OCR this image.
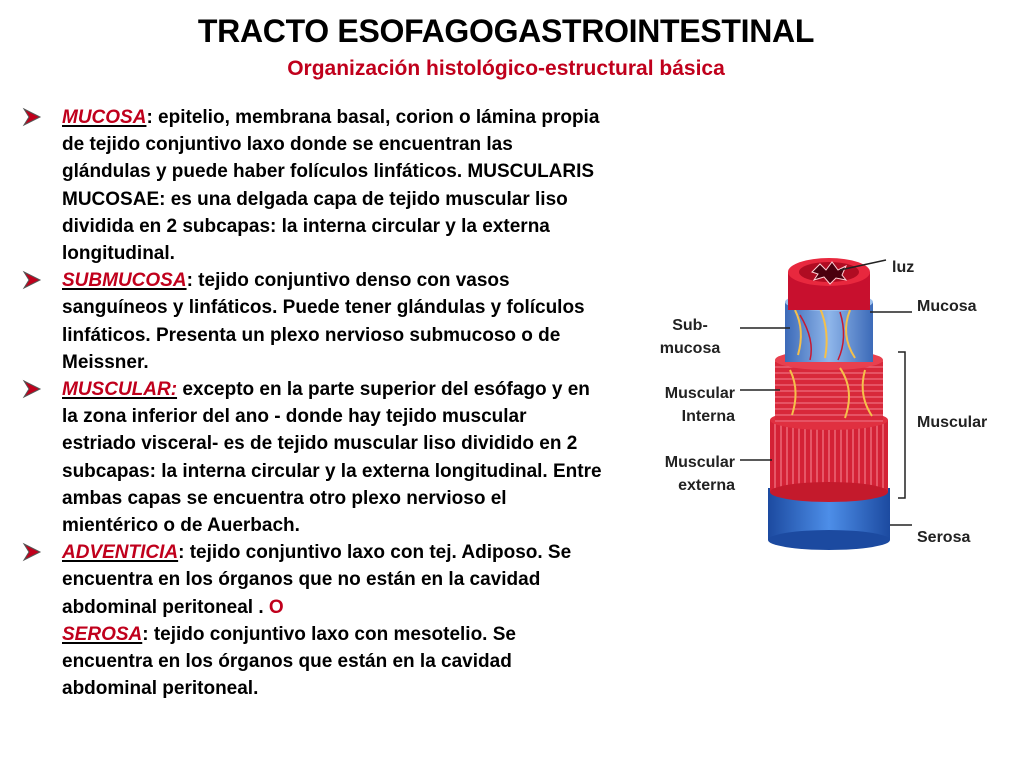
TRACTO ESOFAGOGASTROINTESTINAL
Organización histológico-estructural básica

MUCOSA: epitelio, membrana basal, corion o lámina propia de tejido conjuntivo laxo donde se encuentran las glándulas y puede haber folículos linfáticos. MUSCULARIS MUCOSAE: es una delgada capa de tejido muscular liso dividida en 2 subcapas: la interna circular y la externa longitudinal.

SUBMUCOSA: tejido conjuntivo denso con vasos sanguíneos y linfáticos. Puede tener glándulas y folículos linfáticos. Presenta un plexo nervioso submucoso o de Meissner.

MUSCULAR: excepto en la parte superior del esófago y en la zona inferior del ano - donde hay tejido muscular estriado visceral- es de tejido muscular liso dividido en 2 subcapas: la interna circular y la externa longitudinal. Entre ambas capas se encuentra otro plexo nervioso el mientérico o de Auerbach.

ADVENTICIA: tejido conjuntivo laxo con tej. Adiposo. Se encuentra en los órganos que no están en la cavidad abdominal peritoneal . O
SEROSA: tejido conjuntivo laxo con mesotelio. Se encuentra en los órganos que están en la cavidad abdominal peritoneal.

luz
Mucosa
Sub-
mucosa
Muscular
Interna	Muscular
Muscular
externa
Serosa
